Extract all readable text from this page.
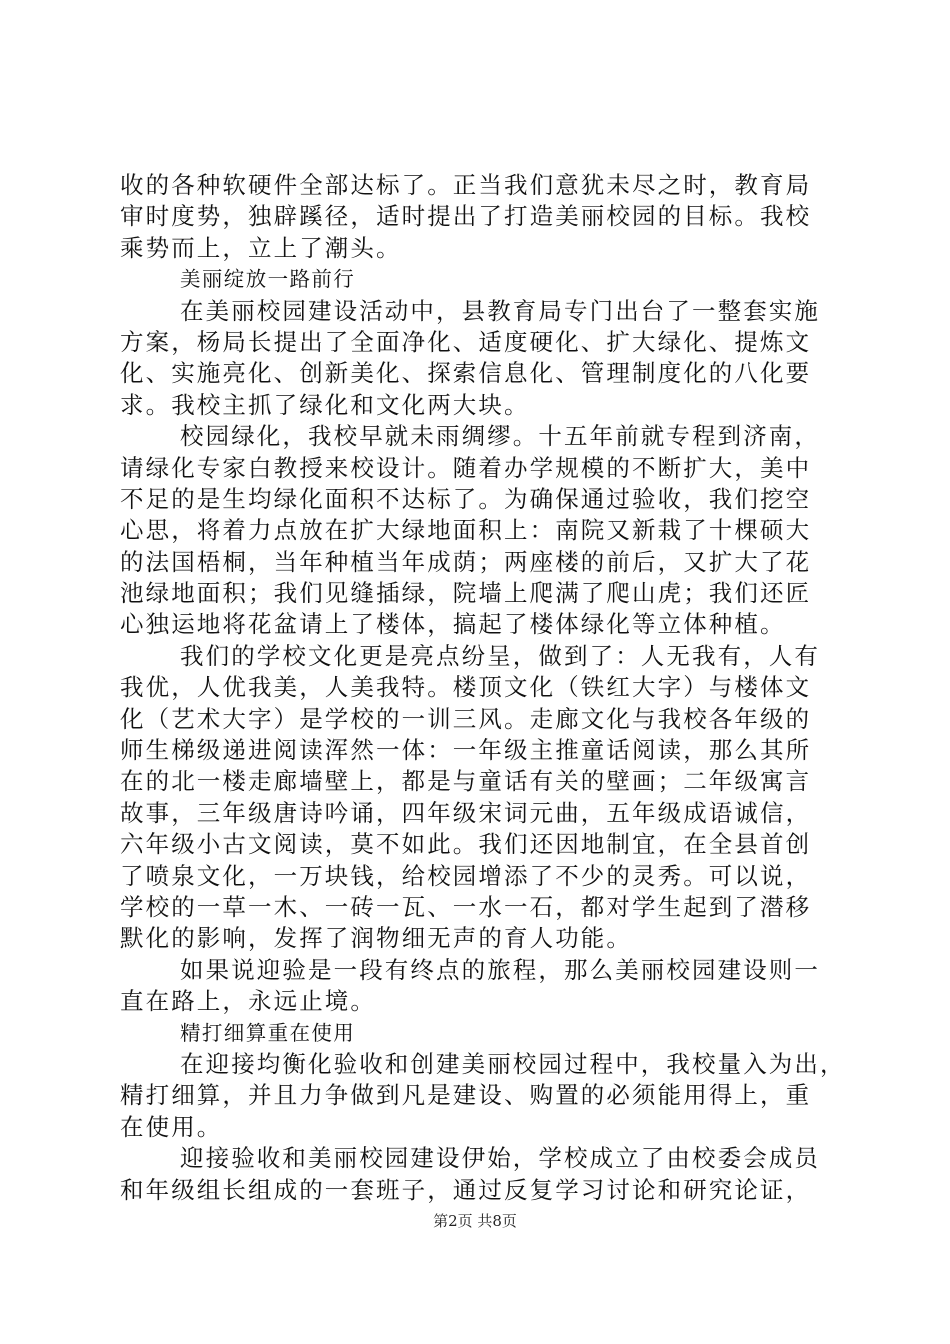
收的各种软硬件全部达标了。正当我们意犹未尽之时，教育局
审时度势，独辟蹊径，适时提出了打造美丽校园的目标。我校
乘势而上，立上了潮头。
美丽绽放一路前行
在美丽校园建设活动中，县教育局专门出台了一整套实施
方案，杨局长提出了全面净化、适度硬化、扩大绿化、提炼文
化、实施亮化、创新美化、探索信息化、管理制度化的八化要
求。我校主抓了绿化和文化两大块。
校园绿化，我校早就未雨绸缪。十五年前就专程到济南，
请绿化专家白教授来校设计。随着办学规模的不断扩大，美中
不足的是生均绿化面积不达标了。为确保通过验收，我们挖空
心思，将着力点放在扩大绿地面积上：南院又新栽了十棵硕大
的法国梧桐，当年种植当年成荫；两座楼的前后，又扩大了花
池绿地面积；我们见缝插绿，院墙上爬满了爬山虎；我们还匠
心独运地将花盆请上了楼体，搞起了楼体绿化等立体种植。
我们的学校文化更是亮点纷呈，做到了：人无我有，人有
我优，人优我美，人美我特。楼顶文化（铁红大字）与楼体文
化（艺术大字）是学校的一训三风。走廊文化与我校各年级的
师生梯级递进阅读浑然一体：一年级主推童话阅读，那么其所
在的北一楼走廊墙壁上，都是与童话有关的壁画；二年级寓言
故事，三年级唐诗吟诵，四年级宋词元曲，五年级成语诚信，
六年级小古文阅读，莫不如此。我们还因地制宜，在全县首创
了喷泉文化，一万块钱，给校园增添了不少的灵秀。可以说，
学校的一草一木、一砖一瓦、一水一石，都对学生起到了潜移
默化的影响，发挥了润物细无声的育人功能。
如果说迎验是一段有终点的旅程，那么美丽校园建设则一
直在路上，永远止境。
精打细算重在使用
在迎接均衡化验收和创建美丽校园过程中，我校量入为出，
精打细算，并且力争做到凡是建设、购置的必须能用得上，重
在使用。
迎接验收和美丽校园建设伊始，学校成立了由校委会成员
和年级组长组成的一套班子，通过反复学习讨论和研究论证，
第2页 共8页
